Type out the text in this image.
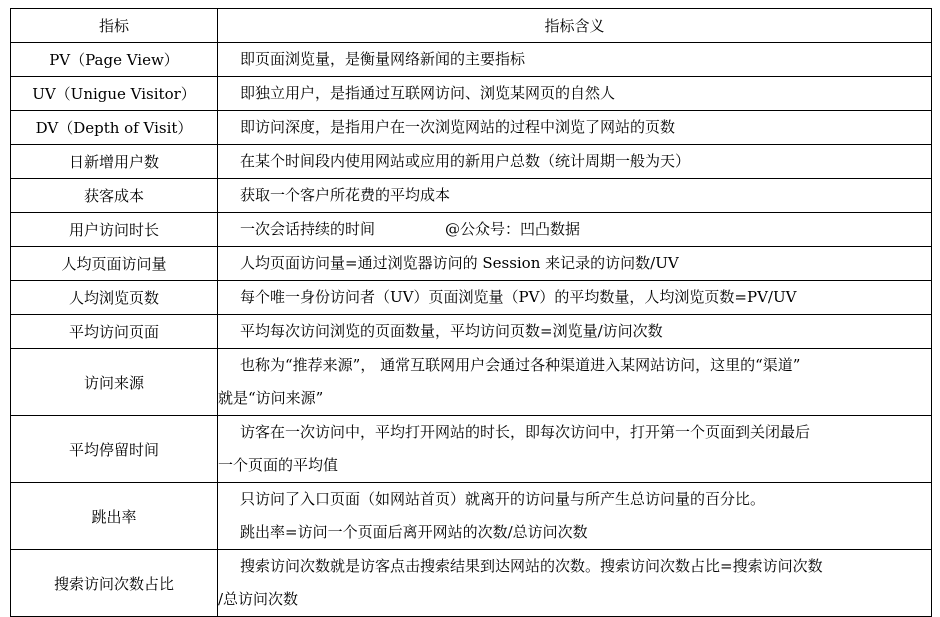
指标	指标含义
PV（Page View）	即页面浏览量，是衡量网络新闻的主要指标

UV（Unigue Visitor）	即独立用户，是指通过互联网访问、浏览某网页的自然人

DV（Depth of Visit）	即访问深度，是指用户在一次浏览网站的过程中浏览了网站的页数

日新增用户数	在某个时间段内使用网站或应用的新用户总数（统计周期一般为天）

获客成本	获取一个客户所花费的平均成本

用户访问时长	一次会话持续的时间 @公众号：凹凸数据

人均页面访问量	人均页面访问量=通过浏览器访问的 Session 来记录的访问数/UV

人均浏览页数	每个唯一身份访问者（UV）页面浏览量（PV）的平均数量，人均浏览页数=PV/UV

平均访问页面	平均每次访问浏览的页面数量，平均访问页数=浏览量/访问次数

访问来源	也称为“推荐来源”， 通常互联网用户会通过各种渠道进入某网站访问，这里的“渠道”
就是“访问来源”

平均停留时间	访客在一次访问中，平均打开网站的时长，即每次访问中，打开第一个页面到关闭最后
一个页面的平均值

跳出率	只访问了入口页面（如网站首页）就离开的访问量与所产生总访问量的百分比。
跳出率=访问一个页面后离开网站的次数/总访问次数

搜索访问次数占比	搜索访问次数就是访客点击搜索结果到达网站的次数。搜索访问次数占比=搜索访问次数
/总访问次数
